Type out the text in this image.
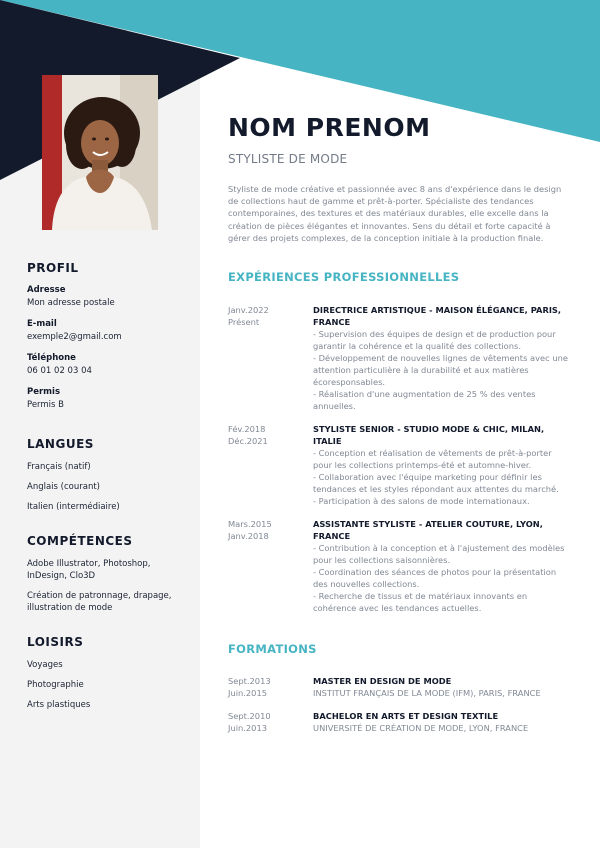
PROFIL
Adresse
Mon adresse postale
E-mail
exemple2@gmail.com
Téléphone
06 01 02 03 04
Permis
Permis B
LANGUES
Français (natif)
Anglais (courant)
Italien (intermédiaire)
COMPÉTENCES
Adobe Illustrator, Photoshop, InDesign, Clo3D
Création de patronnage, drapage, illustration de mode
LOISIRS
Voyages
Photographie
Arts plastiques
NOM PRENOM
STYLISTE DE MODE
Styliste de mode créative et passionnée avec 8 ans d'expérience dans le design de collections haut de gamme et prêt-à-porter. Spécialiste des tendances contemporaines, des textures et des matériaux durables, elle excelle dans la création de pièces élégantes et innovantes. Sens du détail et forte capacité à gérer des projets complexes, de la conception initiale à la production finale.
EXPÉRIENCES PROFESSIONNELLES
Janv.2022
Présent
DIRECTRICE ARTISTIQUE - MAISON ÉLÉGANCE, PARIS, FRANCE
- Supervision des équipes de design et de production pour garantir la cohérence et la qualité des collections.
- Développement de nouvelles lignes de vêtements avec une attention particulière à la durabilité et aux matières écoresponsables.
- Réalisation d'une augmentation de 25 % des ventes annuelles.
Fév.2018
Déc.2021
STYLISTE SENIOR - STUDIO MODE & CHIC, MILAN, ITALIE
- Conception et réalisation de vêtements de prêt-à-porter pour les collections printemps-été et automne-hiver.
- Collaboration avec l'équipe marketing pour définir les tendances et les styles répondant aux attentes du marché.
- Participation à des salons de mode internationaux.
Mars.2015
Janv.2018
ASSISTANTE STYLISTE - ATELIER COUTURE, LYON, FRANCE
- Contribution à la conception et à l'ajustement des modèles pour les collections saisonnières.
- Coordination des séances de photos pour la présentation des nouvelles collections.
- Recherche de tissus et de matériaux innovants en cohérence avec les tendances actuelles.
FORMATIONS
Sept.2013
Juin.2015
MASTER EN DESIGN DE MODE
INSTITUT FRANÇAIS DE LA MODE (IFM), PARIS, FRANCE
Sept.2010
Juin.2013
BACHELOR EN ARTS ET DESIGN TEXTILE
UNIVERSITÉ DE CRÉATION DE MODE, LYON, FRANCE
